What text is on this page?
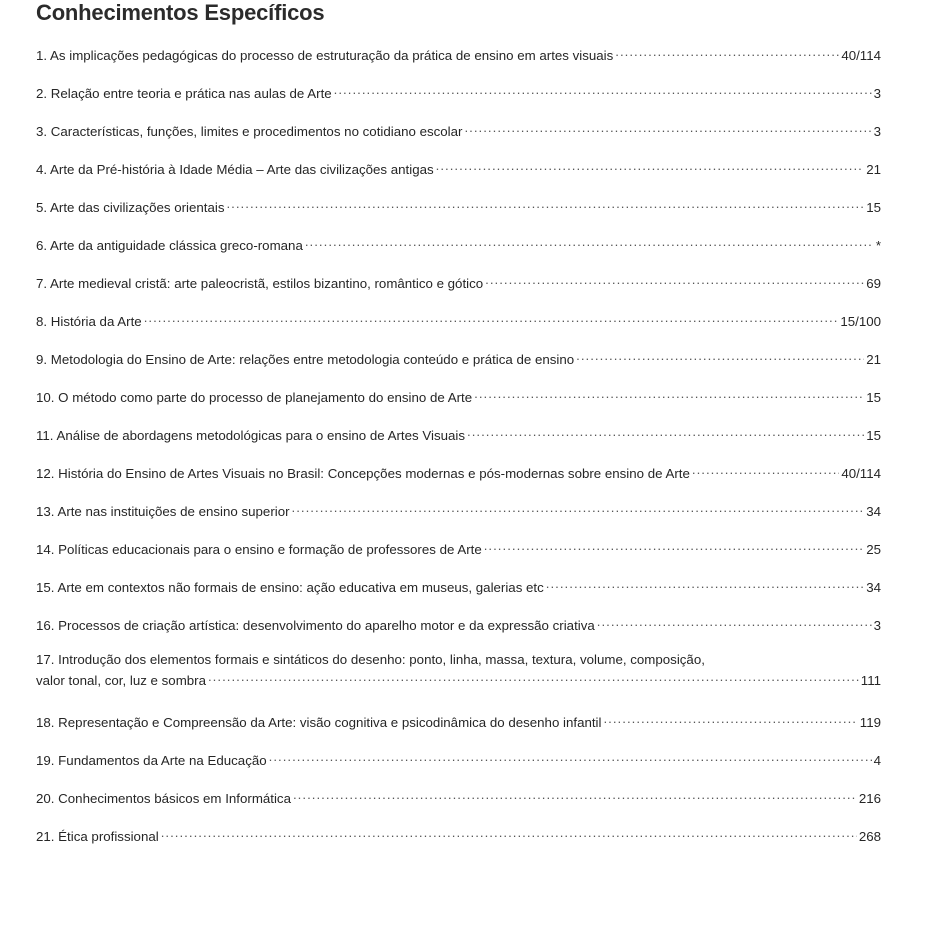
Conhecimentos Específicos
1. As implicações pedagógicas do processo de estruturação da prática de ensino em artes visuais .....	40/114
2. Relação entre teoria e prática nas aulas de Arte .....	3
3. Características, funções, limites e procedimentos no cotidiano escolar .....	3
4. Arte da Pré-história à Idade Média – Arte das civilizações antigas .....	21
5. Arte das civilizações orientais .....	15
6. Arte da antiguidade clássica greco-romana .....	*
7. Arte medieval cristã: arte paleocristã, estilos bizantino, romântico e gótico .....	69
8. História da Arte .....	15/100
9. Metodologia do Ensino de Arte: relações entre metodologia conteúdo e prática de ensino .....	21
10. O método como parte do processo de planejamento do ensino de Arte .....	15
11. Análise de abordagens metodológicas para o ensino de Artes Visuais .....	15
12. História do Ensino de Artes Visuais no Brasil: Concepções modernas e pós-modernas sobre ensino de Arte .....	40/114
13. Arte nas instituições de ensino superior .....	34
14. Políticas educacionais para o ensino e formação de professores de Arte .....	25
15. Arte em contextos não formais de ensino: ação educativa em museus, galerias etc .....	34
16. Processos de criação artística: desenvolvimento do aparelho motor e da expressão criativa .....	3
17. Introdução dos elementos formais e sintáticos do desenho: ponto, linha, massa, textura, volume, composição,
valor tonal, cor, luz e sombra .....	111
18. Representação e Compreensão da Arte: visão cognitiva e psicodinâmica do desenho infantil .....	119
19. Fundamentos da Arte na Educação .....	4
20. Conhecimentos básicos em Informática .....	216
21. Ética profissional .....	268
